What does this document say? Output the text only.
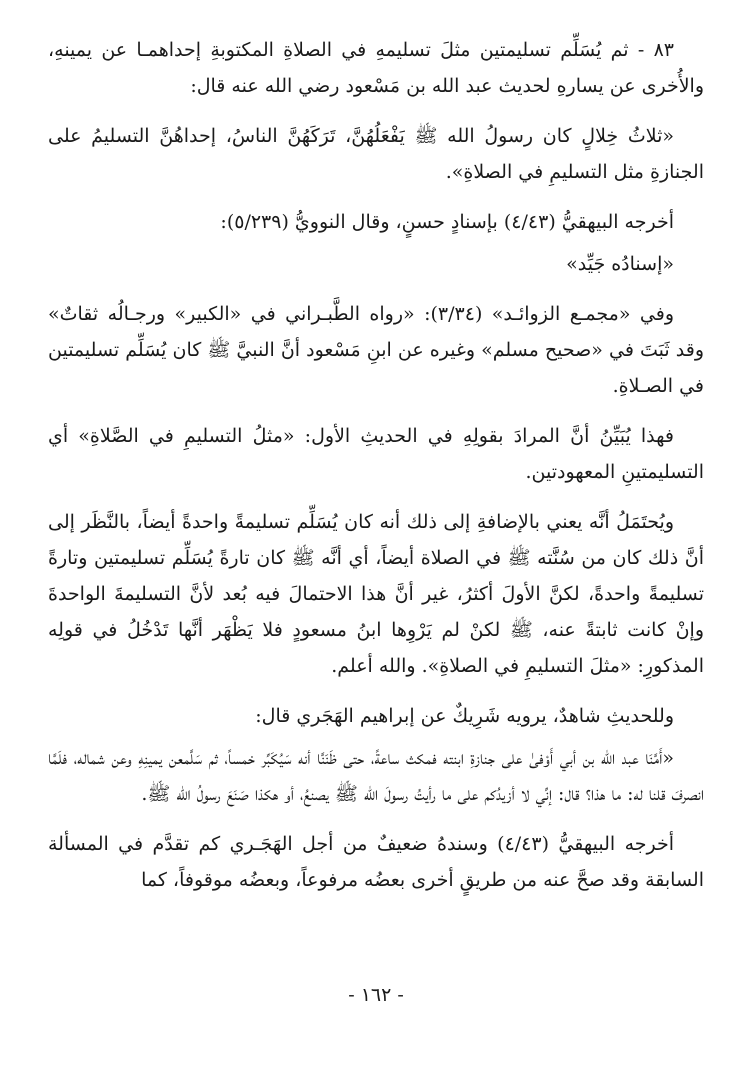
٨٣ - ثم يُسَلِّم تسليمتين مثلَ تسليمهِ في الصلاةِ المكتوبةِ إحداهمـا عن يمينهِ، والأُخرى عن يسارهِ لحديث عبد الله بن مَسْعود رضي الله عنه قال:

«ثلاثُ خِلالٍ كان رسولُ الله ﷺ يَفْعَلُهُنَّ، تَرَكَهُنَّ الناسُ، إحداهُنَّ التسليمُ على الجنازةِ مثل التسليمِ في الصلاةِ».

أخرجه البيهقيُّ (٤/٤٣) بإسنادٍ حسنٍ، وقال النوويُّ (٥/٢٣٩):

«إسنادُه جَيِّد»

وفي «مجمـع الزوائـد» (٣/٣٤): «رواه الطَّبـراني في «الكبير» ورجـالُه ثقاتٌ» وقد ثَبَتَ في «صحيح مسلم» وغيره عن ابنِ مَسْعود أنَّ النبيَّ ﷺ كان يُسَلِّم تسليمتين في الصـلاةِ.

فهذا يُبَيِّنُ أنَّ المرادَ بقولِهِ في الحديثِ الأول: «مثلُ التسليمِ في الصَّلاةِ» أي التسليمتينِ المعهودتين.

ويُحتَمَلُ أنَّه يعني بالإضافةِ إلى ذلك أنه كان يُسَلِّم تسليمةً واحدةً أيضاً، بالنَّظَر إلى أنَّ ذلك كان من سُنَّته ﷺ في الصلاة أيضاً، أي أنَّه ﷺ كان تارةً يُسَلِّم تسليمتين وتارةً تسليمةً واحدةً، لكنَّ الأولَ أكثرُ، غير أنَّ هذا الاحتمالَ فيه بُعد لأنَّ التسليمةَ الواحدةَ وإنْ كانت ثابتةً عنه، ﷺ لكنْ لم يَرْوِها ابنُ مسعودٍ فلا يَظْهَر أنَّها تَدْخُلُ في قولِه المذكورِ: «مثلَ التسليمِ في الصلاةِ». والله أعلم.

وللحديثِ شاهدٌ، يرويه شَرِيكٌ عن إبراهيم الهَجَري قال:

«أَمَّنَا عبد الله بن أبي أَوْفىٰ على جنازةِ ابنته فمكث ساعةً، حتى ظَنَنَّا أنه سَيُكَبِّر خمساً، ثم سَلَّمعن يمينِهِ وعن شماله، فلَمَّا انصرفَ قلنا له: ما هذا؟ قال: إنِّي لا أزيدُكم على ما رأيتُ رسولَ الله ﷺ يصنعُ، أو هكذا صَنَعَ رسولُ الله ﷺ.

أخرجه البيهقيُّ (٤/٤٣) وسندهُ ضعيفٌ من أجل الهَجَـري كم تقدَّم في المسألة السابقة وقد صحَّ عنه من طريقٍ أخرى بعضُه مرفوعاً، وبعضُه موقوفاً، كما

- ١٦٢ -
